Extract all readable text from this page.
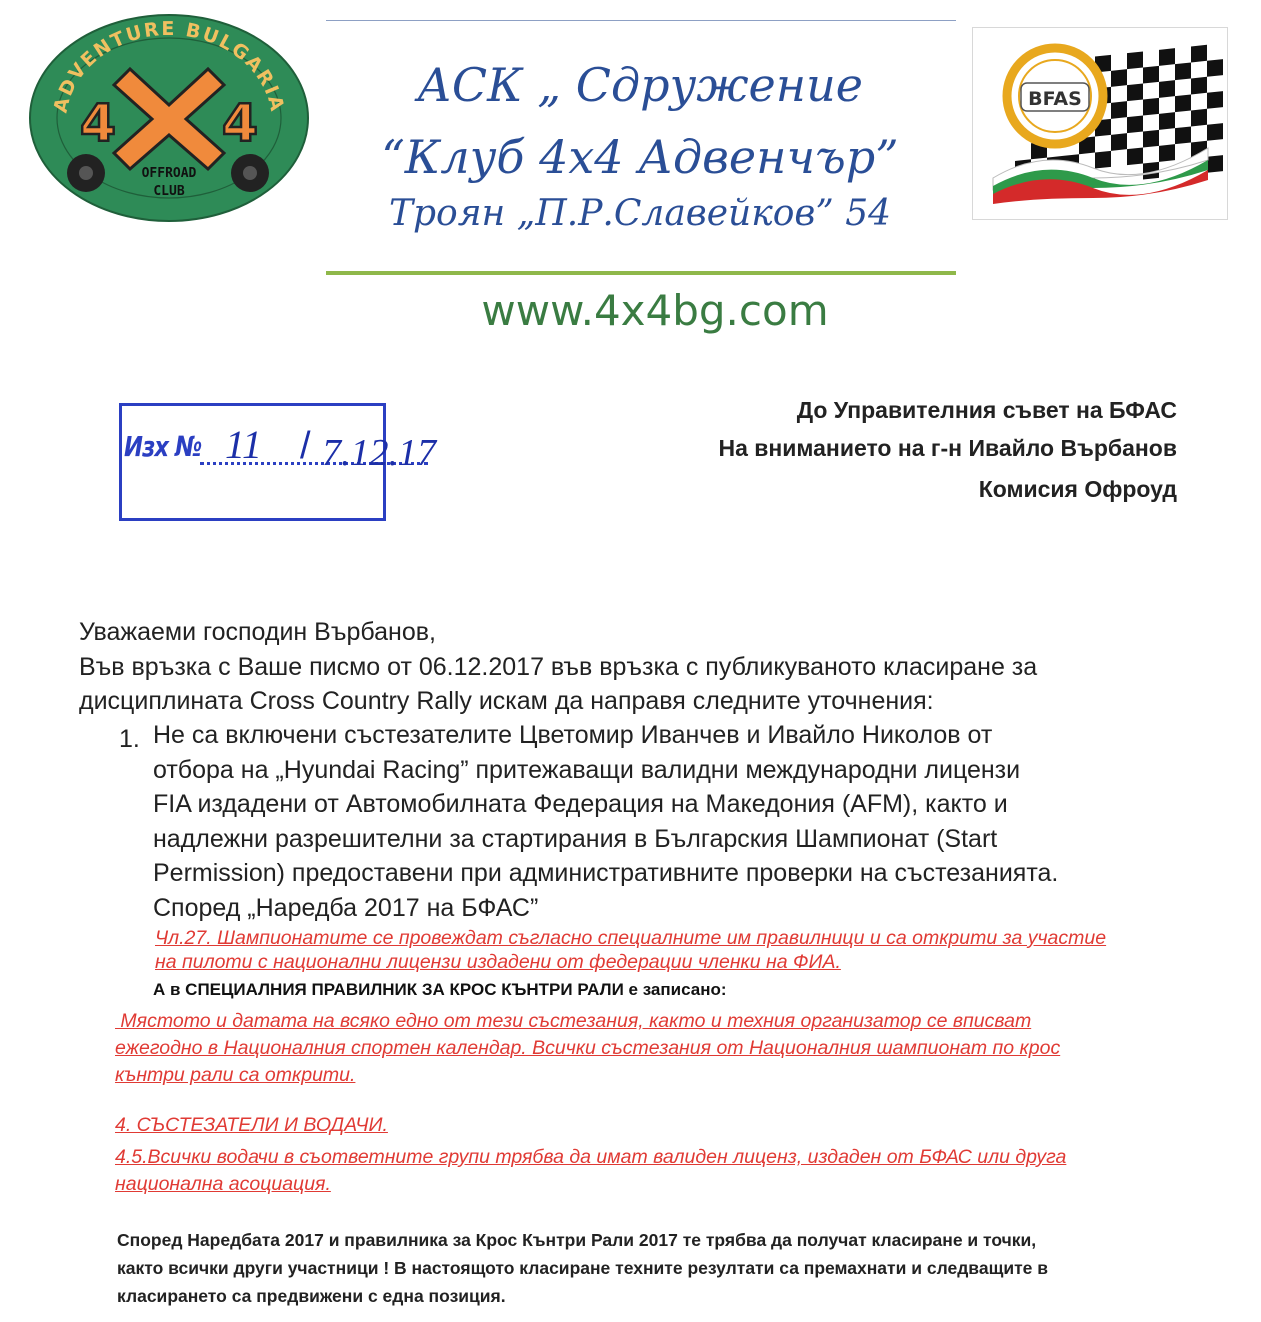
ADVENTURE BULGARIA
4 4
OFFROAD
CLUB
АСК „ Сдружение
“Клуб 4х4 Адвенчър”
Троян „П.Р.Славейков” 54
www.4x4bg.com
BFAS
Изх № 11 / 7.12.17
До Управителния съвет на БФАС
На вниманието на г-н Ивайло Върбанов
Комисия Офроуд
Уважаеми господин Върбанов,
Във връзка с Ваше писмо от 06.12.2017 във връзка с публикуваното класиране за дисциплината Cross Country Rally искам да направя следните уточнения:
1. Не са включени състезателите Цветомир Иванчев и Ивайло Николов от
отбора на „Hyundai Racing” притежаващи валидни международни лицензи
FIA издадени от Автомобилната Федерация на Македония (AFM), както и
надлежни разрешителни за стартирания в Българския Шампионат (Start
Permission) предоставени при административните проверки на състезанията.
Според „Наредба 2017 на БФАС”
Чл.27. Шампионатите се провеждат съгласно специалните им правилници и са открити за участие
на пилоти с национални лицензи издадени от федерации членки на ФИА.
А в СПЕЦИАЛНИЯ ПРАВИЛНИК ЗА КРОС КЪНТРИ РАЛИ е записано:
Мястото и датата на всяко едно от тези състезания, както и техния организатор се вписват
ежегодно в Националния спортен календар. Всички състезания от Националния шампионат по крос
кънтри рали са открити.
4. СЪСТЕЗАТЕЛИ И ВОДАЧИ.
4.5.Всички водачи в съответните групи трябва да имат валиден лиценз, издаден от БФАС или друга
национална асоциация.
Според Наредбата 2017 и правилника за Крос Кънтри Рали 2017 те трябва да получат класиране и точки,
както всички други участници ! В настоящото класиране техните резултати са премахнати и следващите в
класирането са предвижени с една позиция.
